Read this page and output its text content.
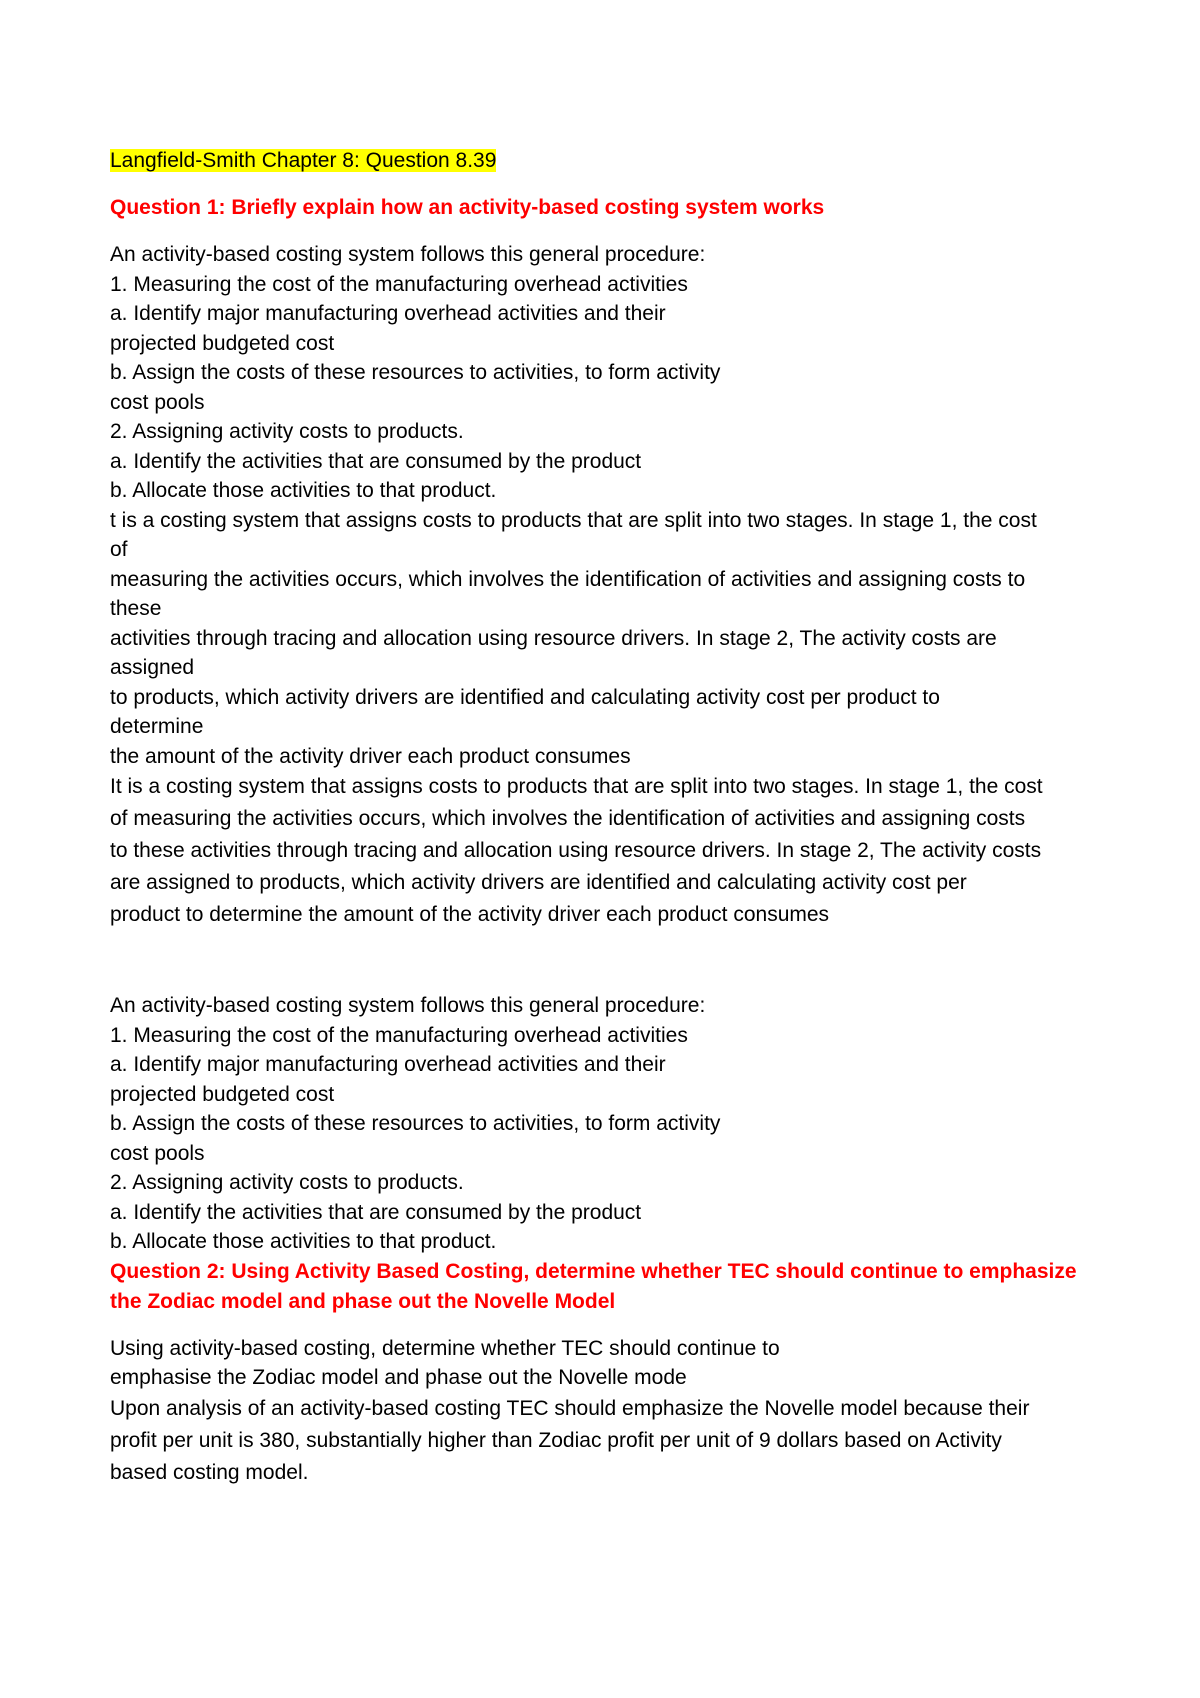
Langfield-Smith Chapter 8: Question 8.39
Question 1: Briefly explain how an activity-based costing system works
An activity-based costing system follows this general procedure:
1. Measuring the cost of the manufacturing overhead activities
a. Identify major manufacturing overhead activities and their
projected budgeted cost
b. Assign the costs of these resources to activities, to form activity
cost pools
2. Assigning activity costs to products.
a. Identify the activities that are consumed by the product
b. Allocate those activities to that product.
t is a costing system that assigns costs to products that are split into two stages. In stage 1, the cost
of
measuring the activities occurs, which involves the identification of activities and assigning costs to
these
activities through tracing and allocation using resource drivers. In stage 2, The activity costs are
assigned
to products, which activity drivers are identified and calculating activity cost per product to
determine
the amount of the activity driver each product consumes
It is a costing system that assigns costs to products that are split into two stages. In stage 1, the cost
of measuring the activities occurs, which involves the identification of activities and assigning costs
to these activities through tracing and allocation using resource drivers. In stage 2, The activity costs
are assigned to products, which activity drivers are identified and calculating activity cost per
product to determine the amount of the activity driver each product consumes
An activity-based costing system follows this general procedure:
1. Measuring the cost of the manufacturing overhead activities
a. Identify major manufacturing overhead activities and their
projected budgeted cost
b. Assign the costs of these resources to activities, to form activity
cost pools
2. Assigning activity costs to products.
a. Identify the activities that are consumed by the product
b. Allocate those activities to that product.
Question 2: Using Activity Based Costing, determine whether TEC should continue to emphasize
the Zodiac model and phase out the Novelle Model
Using activity-based costing, determine whether TEC should continue to
emphasise the Zodiac model and phase out the Novelle mode
Upon analysis of an activity-based costing TEC should emphasize the Novelle model because their
profit per unit is 380, substantially higher than Zodiac profit per unit of 9 dollars based on Activity
based costing model.
